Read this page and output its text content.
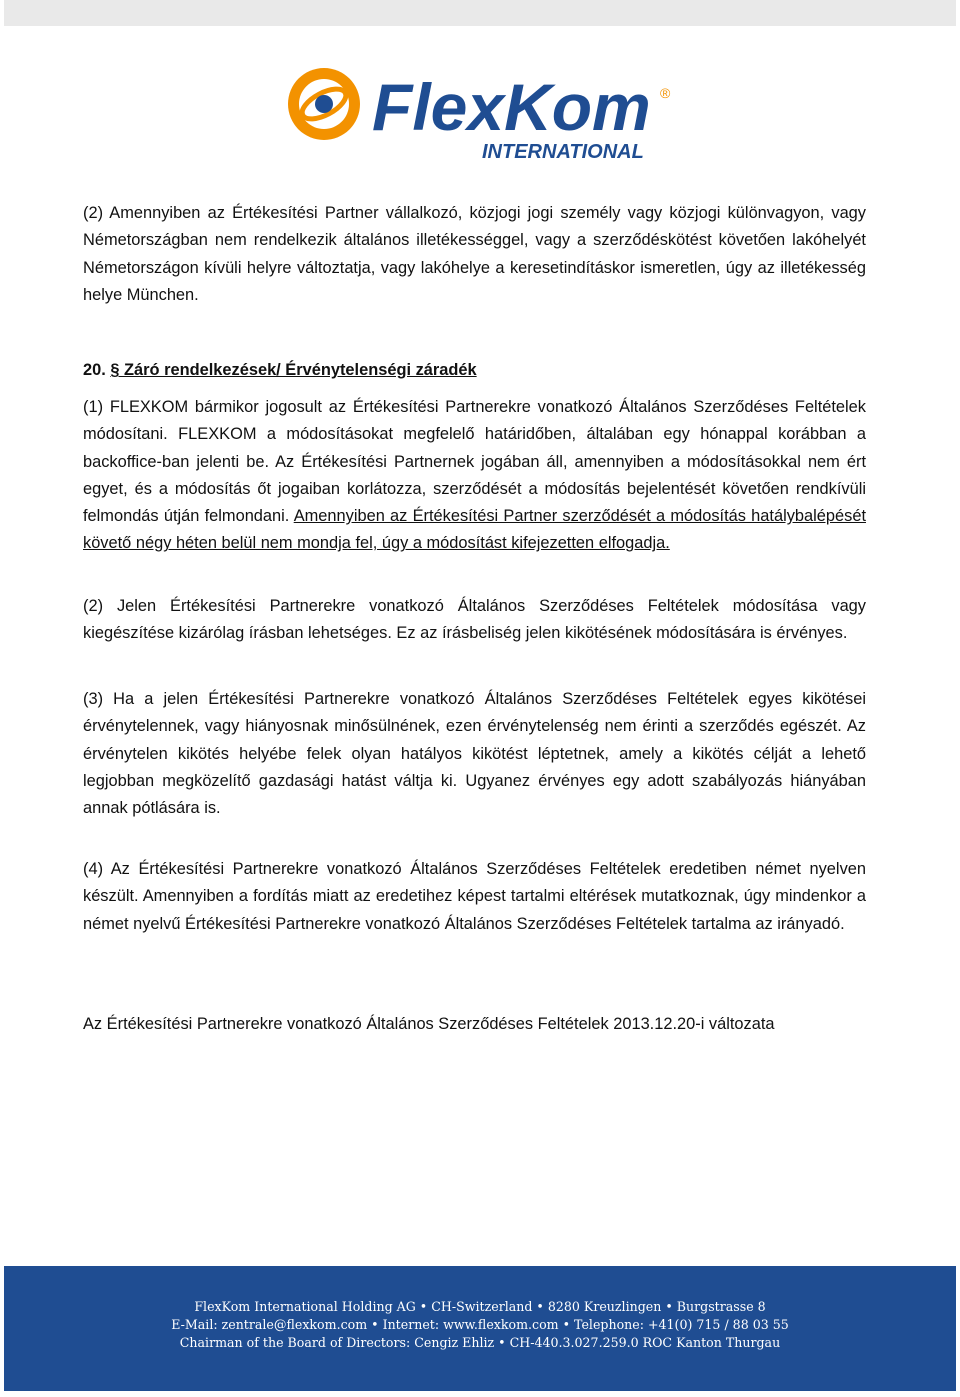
FlexKom ®
INTERNATIONAL

(2) Amennyiben az Értékesítési Partner vállalkozó, közjogi jogi személy vagy közjogi különvagyon, vagy Németországban nem rendelkezik általános illetékességgel, vagy a szerződéskötést követően lakóhelyét Németországon kívüli helyre változtatja, vagy lakóhelye a keresetindításkor ismeretlen, úgy az illetékesség helye München.

20. § Záró rendelkezések/ Érvénytelenségi záradék

(1) FLEXKOM bármikor jogosult az Értékesítési Partnerekre vonatkozó Általános Szerződéses Feltételek módosítani. FLEXKOM a módosításokat megfelelő határidőben, általában egy hónappal korábban a backoffice-ban jelenti be. Az Értékesítési Partnernek jogában áll, amennyiben a módosításokkal nem ért egyet, és a módosítás őt jogaiban korlátozza, szerződését a módosítás bejelentését követően rendkívüli felmondás útján felmondani. Amennyiben az Értékesítési Partner szerződését a módosítás hatálybalépését követő négy héten belül nem mondja fel, úgy a módosítást kifejezetten elfogadja.

(2) Jelen Értékesítési Partnerekre vonatkozó Általános Szerződéses Feltételek módosítása vagy kiegészítése kizárólag írásban lehetséges. Ez az írásbeliség jelen kikötésének módosítására is érvényes.

(3) Ha a jelen Értékesítési Partnerekre vonatkozó Általános Szerződéses Feltételek egyes kikötései érvénytelennek, vagy hiányosnak minősülnének, ezen érvénytelenség nem érinti a szerződés egészét. Az érvénytelen kikötés helyébe felek olyan hatályos kikötést léptetnek, amely a kikötés célját a lehető legjobban megközelítő gazdasági hatást váltja ki. Ugyanez érvényes egy adott szabályozás hiányában annak pótlására is.

(4) Az Értékesítési Partnerekre vonatkozó Általános Szerződéses Feltételek eredetiben német nyelven készült. Amennyiben a fordítás miatt az eredetihez képest tartalmi eltérések mutatkoznak, úgy mindenkor a német nyelvű Értékesítési Partnerekre vonatkozó Általános Szerződéses Feltételek tartalma az irányadó.

Az Értékesítési Partnerekre vonatkozó Általános Szerződéses Feltételek 2013.12.20-i változata

FlexKom International Holding AG • CH-Switzerland • 8280 Kreuzlingen • Burgstrasse 8
E-Mail: zentrale@flexkom.com • Internet: www.flexkom.com • Telephone: +41(0) 715 / 88 03 55
Chairman of the Board of Directors: Cengiz Ehliz • CH-440.3.027.259.0 ROC Kanton Thurgau
